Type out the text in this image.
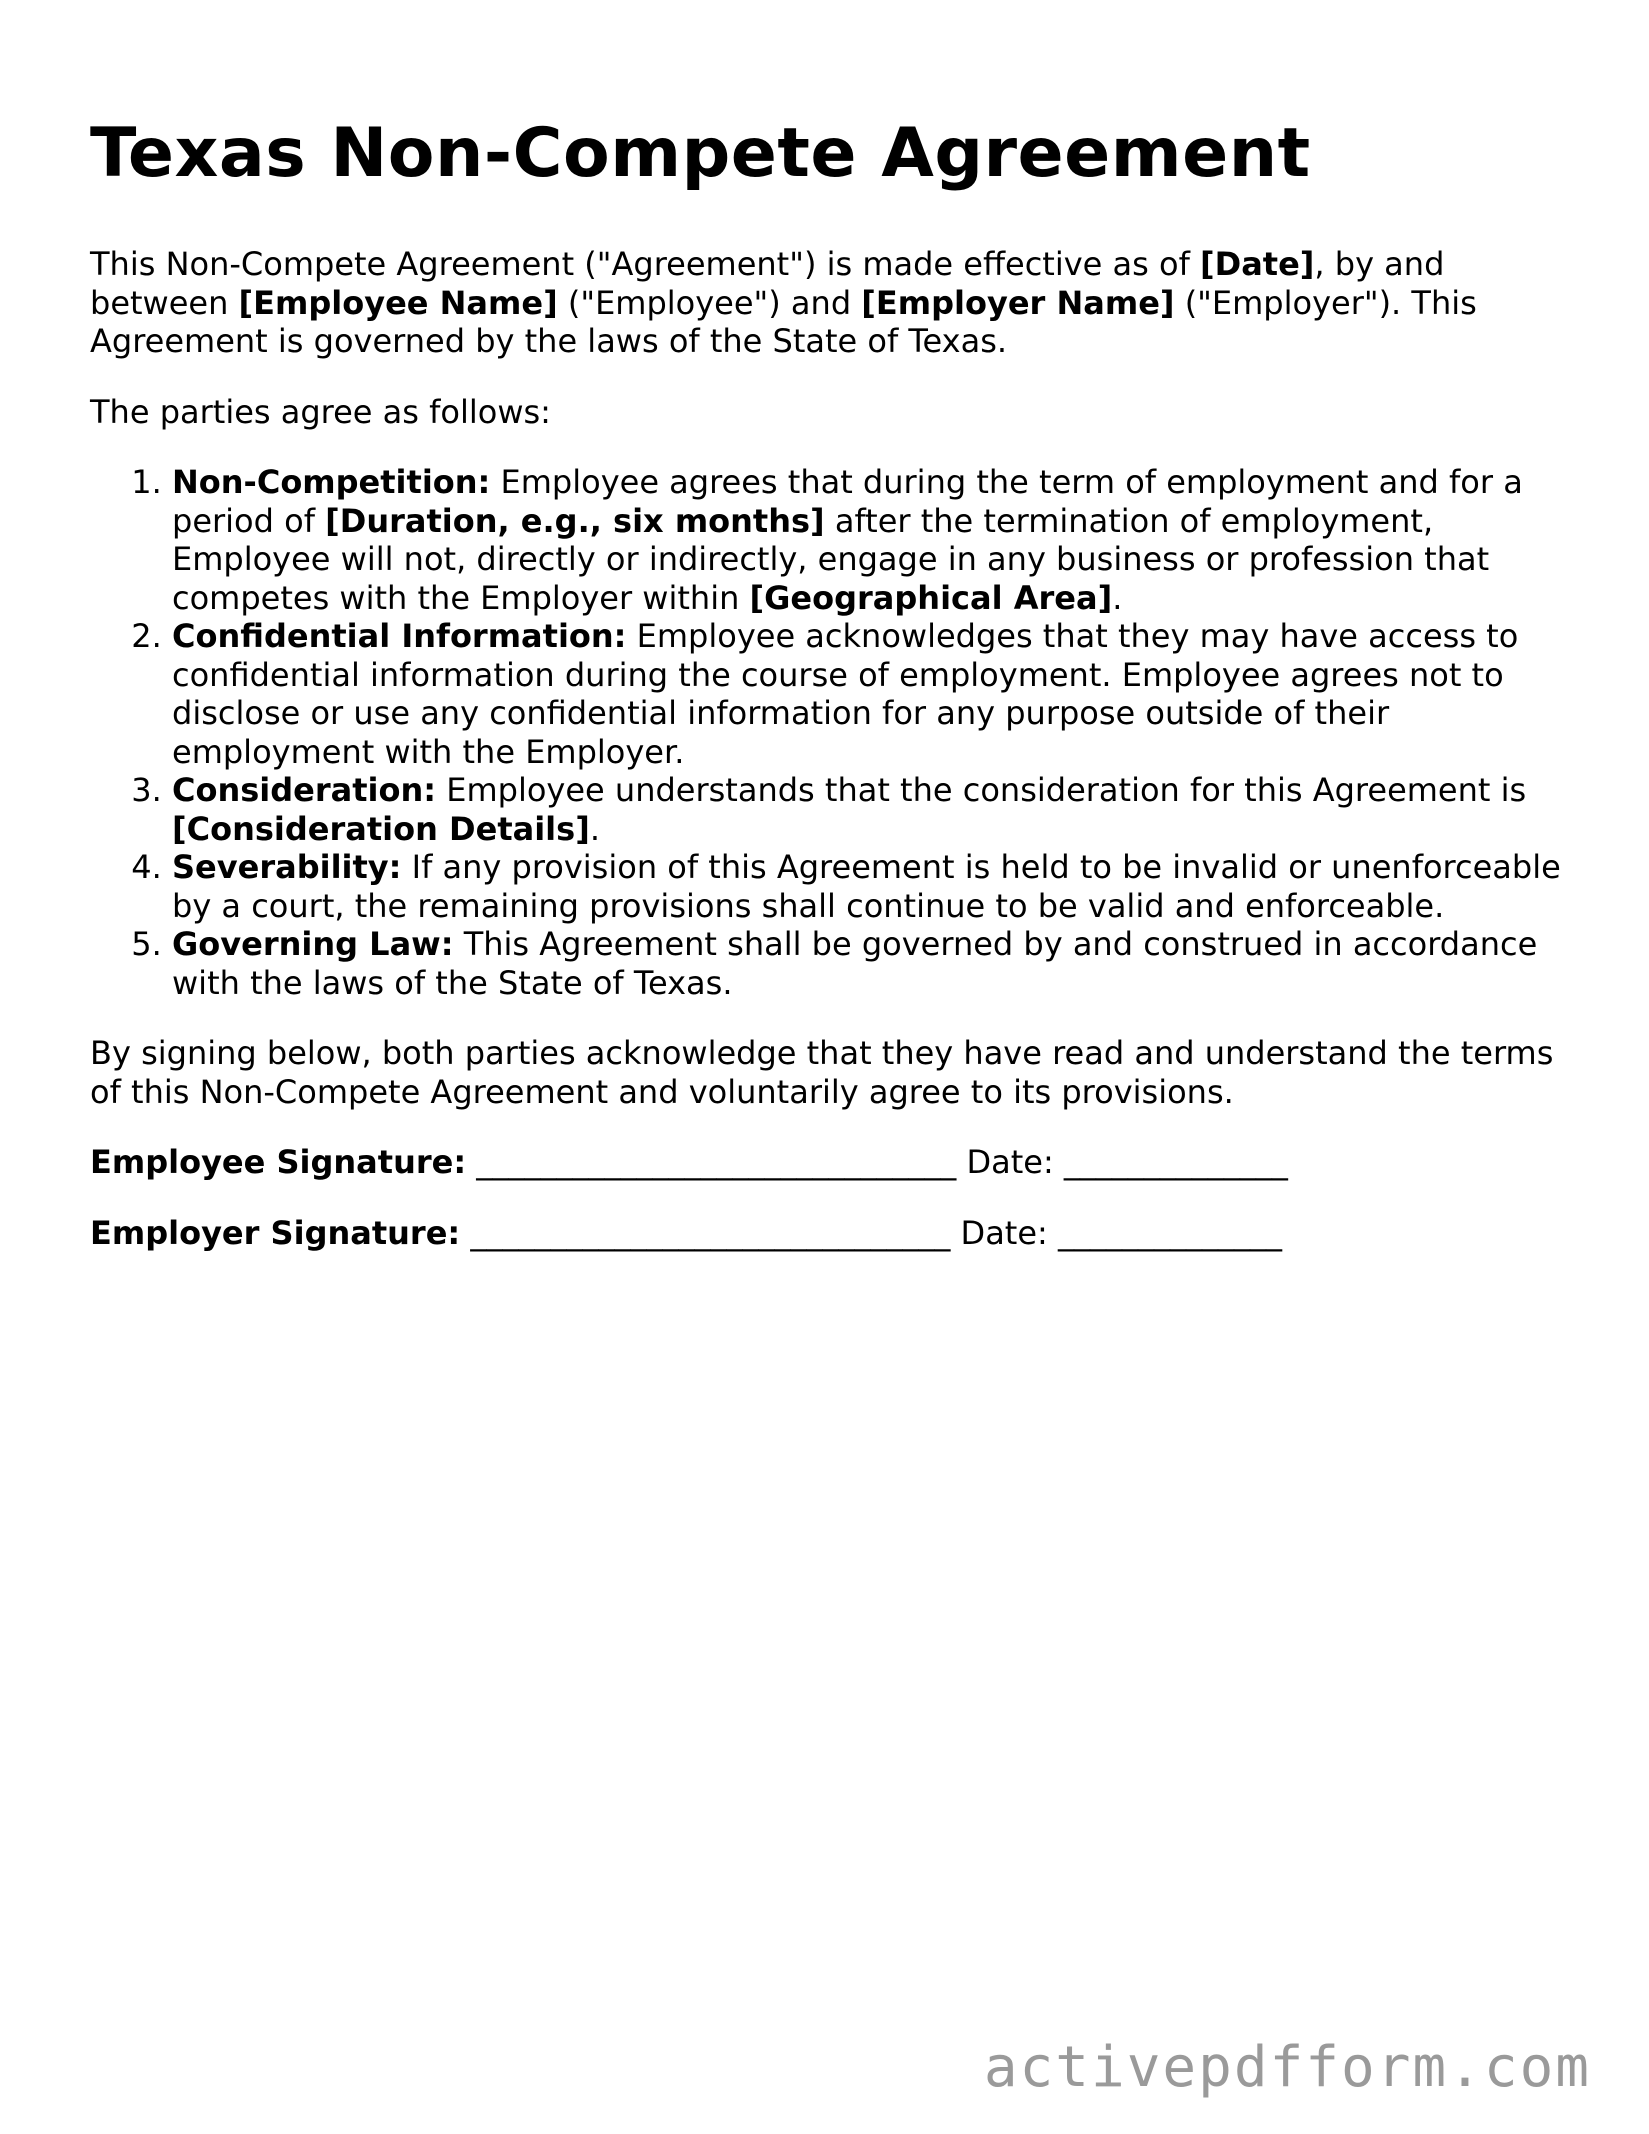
Texas Non-Compete Agreement

This Non-Compete Agreement ("Agreement") is made effective as of [Date], by and between [Employee Name] ("Employee") and [Employer Name] ("Employer"). This Agreement is governed by the laws of the State of Texas.

The parties agree as follows:

1. Non-Competition: Employee agrees that during the term of employment and for a period of [Duration, e.g., six months] after the termination of employment, Employee will not, directly or indirectly, engage in any business or profession that competes with the Employer within [Geographical Area].
2. Confidential Information: Employee acknowledges that they may have access to confidential information during the course of employment. Employee agrees not to disclose or use any confidential information for any purpose outside of their employment with the Employer.
3. Consideration: Employee understands that the consideration for this Agreement is [Consideration Details].
4. Severability: If any provision of this Agreement is held to be invalid or unenforceable by a court, the remaining provisions shall continue to be valid and enforceable.
5. Governing Law: This Agreement shall be governed by and construed in accordance with the laws of the State of Texas.

By signing below, both parties acknowledge that they have read and understand the terms of this Non-Compete Agreement and voluntarily agree to its provisions.

Employee Signature: ______________________________ Date: ______________

Employer Signature: ______________________________ Date: ______________

activepdfform.com
